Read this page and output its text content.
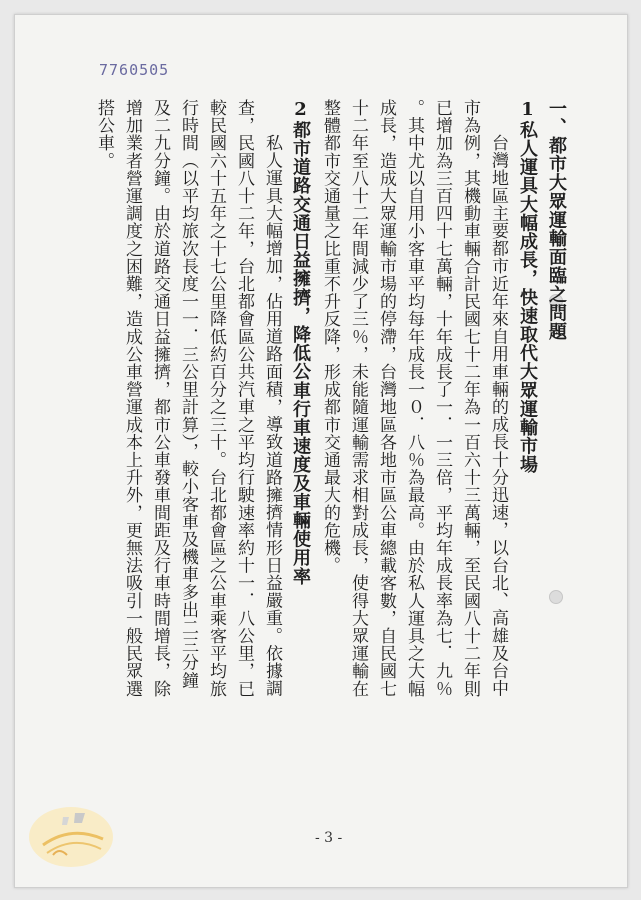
7760505
一、都市大眾運輸面臨之問題
1私人運具大幅成長，快速取代大眾運輸市場
台灣地區主要都市近年來自用車輛的成長十分迅速，以台北、高雄及台中
市為例，其機動車輛合計民國七十二年為一百六十三萬輛，至民國八十二年則
已增加為三百四十七萬輛，十年成長了一．一三倍，平均年成長率為七．九％
。其中尤以自用小客車平均每年成長一０．八％為最高。由於私人運具之大幅
成長，造成大眾運輸市場的停滯，台灣地區各地市區公車總載客數，自民國七
十二年至八十二年間減少了三％，未能隨運輸需求相對成長，使得大眾運輸在
整體都市交通量之比重不升反降，形成都市交通最大的危機。
2都市道路交通日益擁擠，降低公車行車速度及車輛使用率
私人運具大幅增加，佔用道路面積，導致道路擁擠情形日益嚴重。依據調
查，民國八十二年，台北都會區公共汽車之平均行駛速率約十一．八公里，已
較民國六十五年之十七公里降低約百分之三十。台北都會區之公車乘客平均旅
行時間（以平均旅次長度一一．三公里計算），較小客車及機車多出二三分鐘
及二九分鐘。由於道路交通日益擁擠，都市公車發車間距及行車時間增長，除
增加業者營運調度之困難，造成公車營運成本上升外，更無法吸引一般民眾選
搭公車。
- 3 -
